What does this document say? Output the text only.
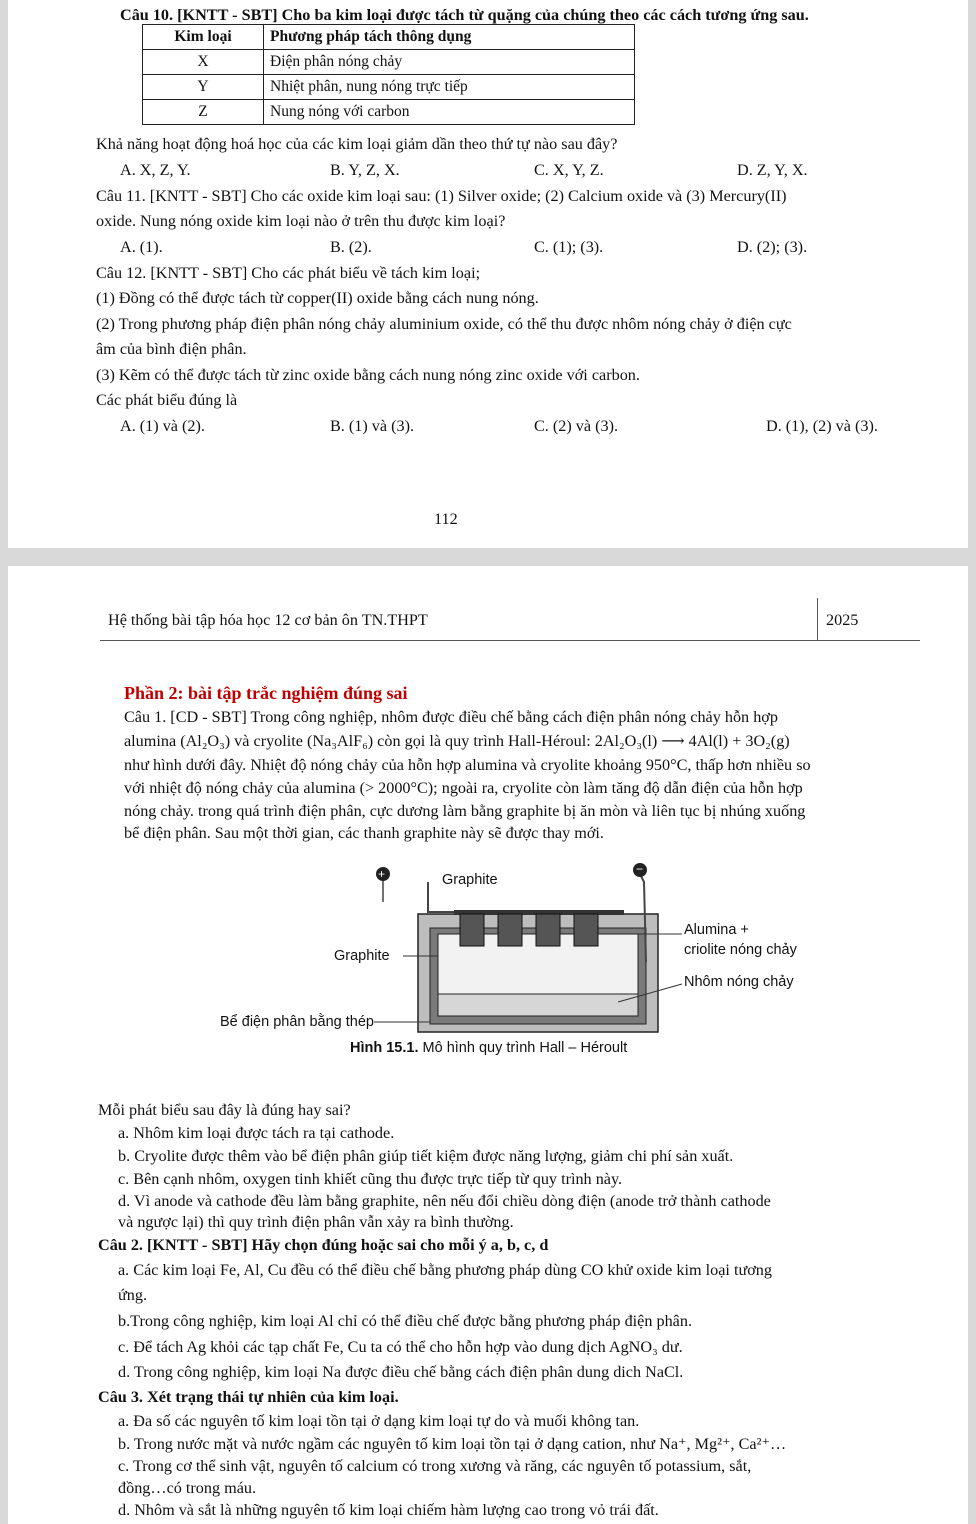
Câu 10. [KNTT - SBT] Cho ba kim loại được tách từ quặng của chúng theo các cách tương ứng sau.
Kim loại	Phương pháp tách thông dụng
X	Điện phân nóng chảy
Y	Nhiệt phân, nung nóng trực tiếp
Z	Nung nóng với carbon
Khả năng hoạt động hoá học của các kim loại giảm dần theo thứ tự nào sau đây?
A. X, Z, Y.	B. Y, Z, X.	C. X, Y, Z.	D. Z, Y, X.
Câu 11. [KNTT - SBT] Cho các oxide kim loại sau: (1) Silver oxide; (2) Calcium oxide và (3) Mercury(II)
oxide. Nung nóng oxide kim loại nào ở trên thu được kim loại?
A. (1).	B. (2).	C. (1); (3).	D. (2); (3).
Câu 12. [KNTT - SBT] Cho các phát biểu về tách kim loại;
(1) Đồng có thể được tách từ copper(II) oxide bằng cách nung nóng.
(2) Trong phương pháp điện phân nóng chảy aluminium oxide, có thể thu được nhôm nóng chảy ở điện cực
âm của bình điện phân.
(3) Kẽm có thể được tách từ zinc oxide bằng cách nung nóng zinc oxide với carbon.
Các phát biểu đúng là
A. (1) và (2).	B. (1) và (3).	C. (2) và (3).	D. (1), (2) và (3).
112
Hệ thống bài tập hóa học 12 cơ bản ôn TN.THPT	2025
Phần 2: bài tập trắc nghiệm đúng sai
Câu 1. [CD - SBT] Trong công nghiệp, nhôm được điều chế bằng cách điện phân nóng chảy hỗn hợp
alumina (Al₂O₃) và cryolite (Na₃AlF₆) còn gọi là quy trình Hall-Héroul: 2Al₂O₃(l) ⟶ 4Al(l) + 3O₂(g)
như hình dưới đây. Nhiệt độ nóng chảy của hỗn hợp alumina và cryolite khoảng 950°C, thấp hơn nhiều so
với nhiệt độ nóng chảy của alumina (> 2000°C); ngoài ra, cryolite còn làm tăng độ dẫn điện của hỗn hợp
nóng chảy. trong quá trình điện phân, cực dương làm bằng graphite bị ăn mòn và liên tục bị nhúng xuống
bể điện phân. Sau một thời gian, các thanh graphite này sẽ được thay mới.
+	−
Graphite
Graphite
Alumina +
criolite nóng chảy
Nhôm nóng chảy
Bể điện phân bằng thép
Hình 15.1. Mô hình quy trình Hall – Héroult
Mỗi phát biểu sau đây là đúng hay sai?
a. Nhôm kim loại được tách ra tại cathode.
b. Cryolite được thêm vào bể điện phân giúp tiết kiệm được năng lượng, giảm chi phí sản xuất.
c. Bên cạnh nhôm, oxygen tinh khiết cũng thu được trực tiếp từ quy trình này.
d. Vì anode và cathode đều làm bằng graphite, nên nếu đổi chiều dòng điện (anode trở thành cathode
và ngược lại) thì quy trình điện phân vẫn xảy ra bình thường.
Câu 2. [KNTT - SBT] Hãy chọn đúng hoặc sai cho mỗi ý a, b, c, d
a. Các kim loại Fe, Al, Cu đều có thể điều chế bằng phương pháp dùng CO khử oxide kim loại tương
ứng.
b.Trong công nghiệp, kim loại Al chỉ có thể điều chế được bằng phương pháp điện phân.
c. Để tách Ag khỏi các tạp chất Fe, Cu ta có thể cho hỗn hợp vào dung dịch AgNO₃ dư.
d. Trong công nghiệp, kim loại Na được điều chế bằng cách điện phân dung dich NaCl.
Câu 3. Xét trạng thái tự nhiên của kim loại.
a. Đa số các nguyên tố kim loại tồn tại ở dạng kim loại tự do và muối không tan.
b. Trong nước mặt và nước ngầm các nguyên tố kim loại tồn tại ở dạng cation, như Na⁺, Mg²⁺, Ca²⁺…
c. Trong cơ thể sinh vật, nguyên tố calcium có trong xương và răng, các nguyên tố potassium, sắt,
đồng…có trong máu.
d. Nhôm và sắt là những nguyên tố kim loại chiếm hàm lượng cao trong vỏ trái đất.
